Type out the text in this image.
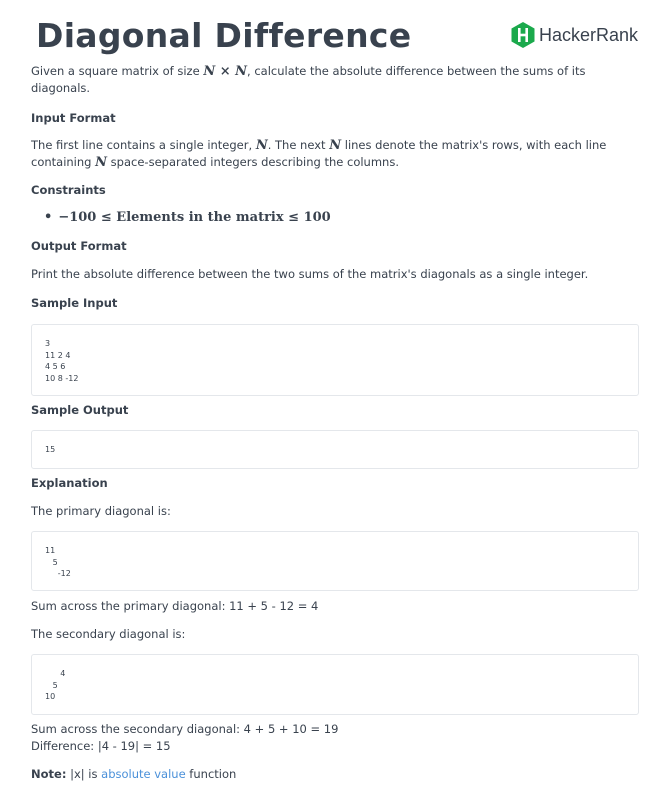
Diagonal Difference	HackerRank

Given a square matrix of size N × N, calculate the absolute difference between the sums of its diagonals.

Input Format

The first line contains a single integer, N. The next N lines denote the matrix's rows, with each line containing N space-separated integers describing the columns.

Constraints
• −100 ≤ Elements in the matrix ≤ 100
Output Format

Print the absolute difference between the two sums of the matrix's diagonals as a single integer.

Sample Input
3
11 2 4
4 5 6
10 8 -12
Sample Output
15
Explanation

The primary diagonal is:

11
5
-12

Sum across the primary diagonal: 11 + 5 - 12 = 4

The secondary diagonal is:

4
5
10

Sum across the secondary diagonal: 4 + 5 + 10 = 19

Difference: |4 - 19| = 15

Note: |x| is absolute value function
